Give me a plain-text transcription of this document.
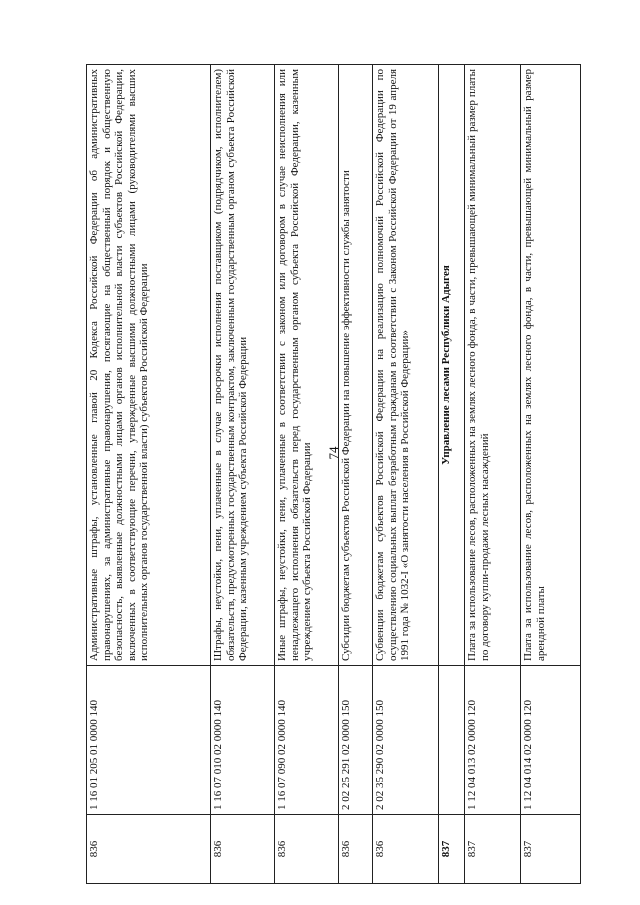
74
836	1 16 01 205 01 0000 140	Административные штрафы, установленные главой 20 Кодекса Российской Федерации об административных правонарушениях, за административные правонарушения, посягающие на общественный порядок и общественную безопасность, выявленные должностными лицами органов исполнительной власти субъектов Российской Федерации, включенных в соответствующие перечни, утвержденные высшими должностными лицами (руководителями высших исполнительных органов государственной власти) субъектов Российской Федерации
836	1 16 07 010 02 0000 140	Штрафы, неустойки, пени, уплаченные в случае просрочки исполнения поставщиком (подрядчиком, исполнителем) обязательств, предусмотренных государственным контрактом, заключенным государственным органом субъекта Российской Федерации, казенным учреждением субъекта Российской Федерации
836	1 16 07 090 02 0000 140	Иные штрафы, неустойки, пени, уплаченные в соответствии с законом или договором в случае неисполнения или ненадлежащего исполнения обязательств перед государственным органом субъекта Российской Федерации, казенным учреждением субъекта Российской Федерации
836	2 02 25 291 02 0000 150	Субсидии бюджетам субъектов Российской Федерации на повышение эффективности службы занятости
836	2 02 35 290 02 0000 150	Субвенции бюджетам субъектов Российской Федерации на реализацию полномочий Российской Федерации по осуществлению социальных выплат безработным гражданам в соответствии с Законом Российской Федерации от 19 апреля 1991 года № 1032-I «О занятости населения в Российской Федерации»
837		Управление лесами Республики Адыгея
837	1 12 04 013 02 0000 120	Плата за использование лесов, расположенных на землях лесного фонда, в части, превышающей минимальный размер платы по договору купли-продажи лесных насаждений
837	1 12 04 014 02 0000 120	Плата за использование лесов, расположенных на землях лесного фонда, в части, превышающей минимальный размер арендной платы
